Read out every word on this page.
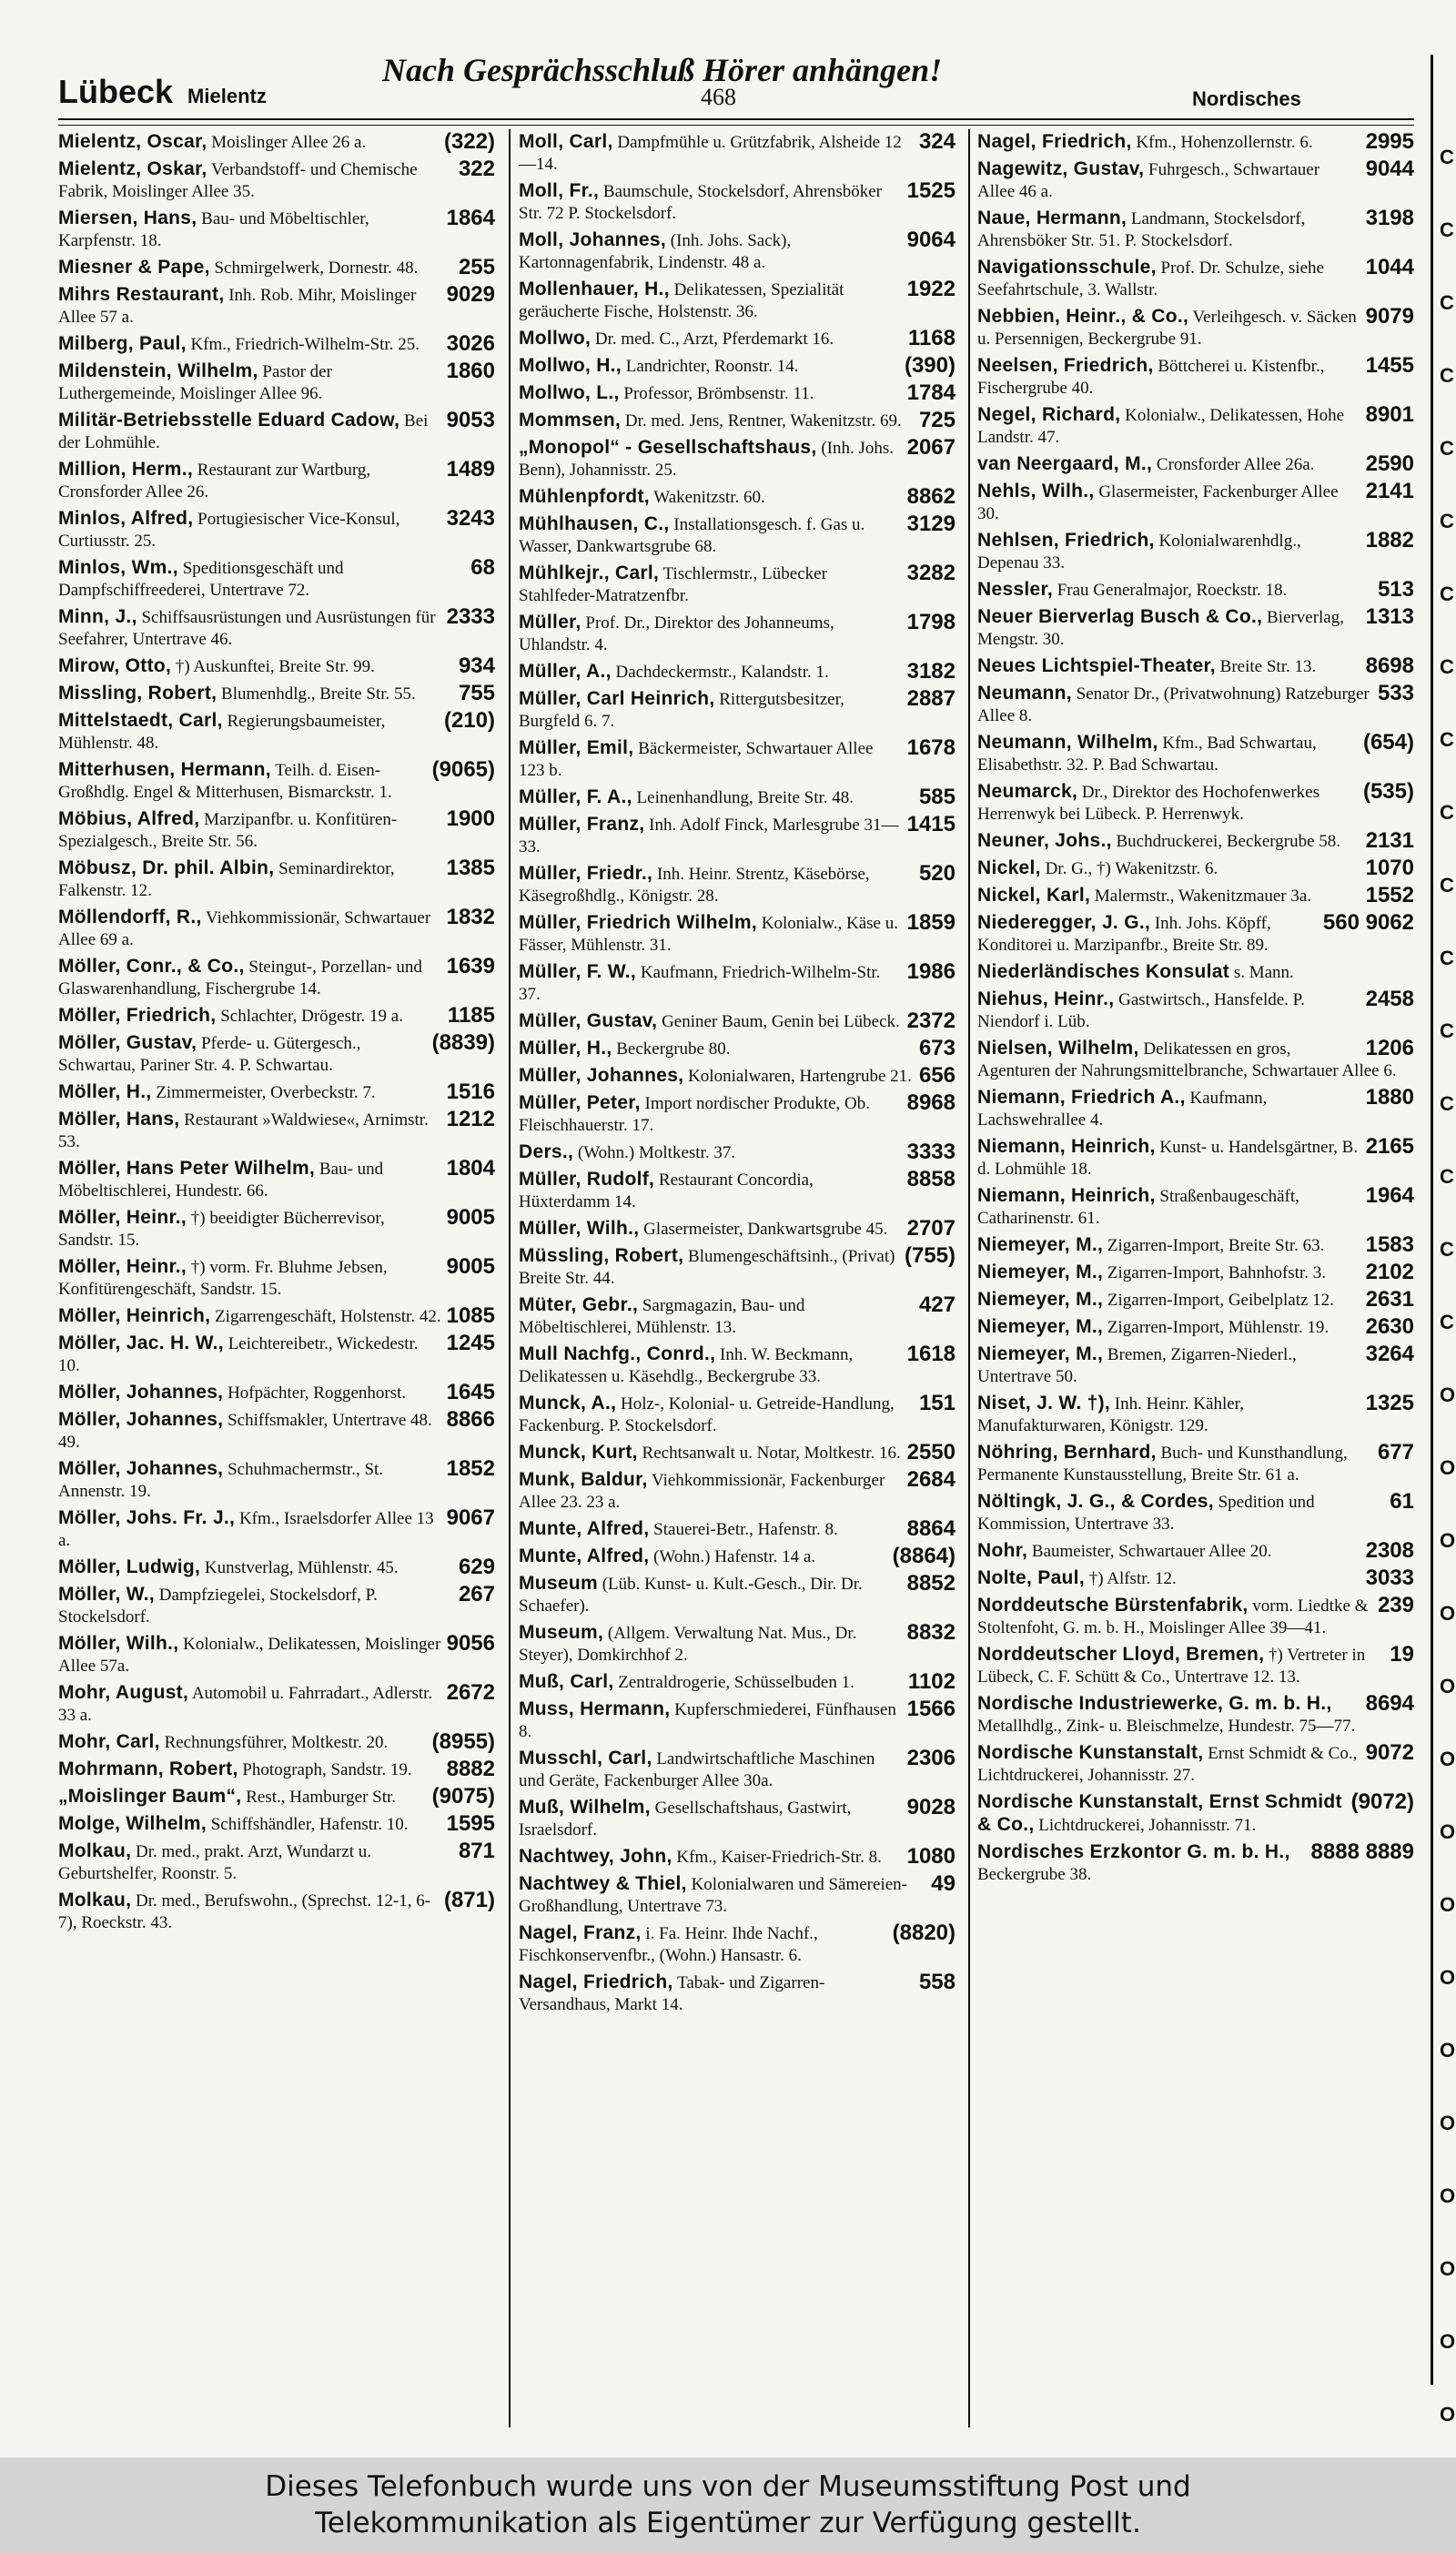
Lübeck Mielentz
Nach Gesprächsschluß Hörer anhängen!
468	Nordisches
(322)
Mielentz, Oscar, Moislinger Allee 26 a.
322
Mielentz, Oskar, Verbandstoff- und Chemische Fabrik, Moislinger Allee 35.
1864
Miersen, Hans, Bau- und Möbeltischler, Karpfenstr. 18.
255
Miesner & Pape, Schmirgelwerk, Dornestr. 48.
9029
Mihrs Restaurant, Inh. Rob. Mihr, Moislinger Allee 57 a.
3026
Milberg, Paul, Kfm., Friedrich-Wilhelm-Str. 25.
1860
Mildenstein, Wilhelm, Pastor der Luthergemeinde, Moislinger Allee 96.
9053
Militär-Betriebsstelle Eduard Cadow, Bei der Lohmühle.
1489
Million, Herm., Restaurant zur Wartburg, Cronsforder Allee 26.
3243
Minlos, Alfred, Portugiesischer Vice-Konsul, Curtiusstr. 25.
68
Minlos, Wm., Speditionsgeschäft und Dampfschiffreederei, Untertrave 72.
2333
Minn, J., Schiffsausrüstungen und Ausrüstungen für Seefahrer, Untertrave 46.
934
Mirow, Otto, †) Auskunftei, Breite Str. 99.
755
Missling, Robert, Blumenhdlg., Breite Str. 55.
(210)
Mittelstaedt, Carl, Regierungsbaumeister, Mühlenstr. 48.
(9065)
Mitterhusen, Hermann, Teilh. d. Eisen-Großhdlg. Engel & Mitterhusen, Bismarckstr. 1.
1900
Möbius, Alfred, Marzipanfbr. u. Konfitüren-Spezialgesch., Breite Str. 56.
1385
Möbusz, Dr. phil. Albin, Seminardirektor, Falkenstr. 12.
1832
Möllendorff, R., Viehkommissionär, Schwartauer Allee 69 a.
1639
Möller, Conr., & Co., Steingut-, Porzellan- und Glaswarenhandlung, Fischergrube 14.
1185
Möller, Friedrich, Schlachter, Drögestr. 19 a.
(8839)
Möller, Gustav, Pferde- u. Gütergesch., Schwartau, Pariner Str. 4. P. Schwartau.
1516
Möller, H., Zimmermeister, Overbeckstr. 7.
1212
Möller, Hans, Restaurant »Waldwiese«, Arnimstr. 53.
1804
Möller, Hans Peter Wilhelm, Bau- und Möbeltischlerei, Hundestr. 66.
9005
Möller, Heinr., †) beeidigter Bücherrevisor, Sandstr. 15.
9005
Möller, Heinr., †) vorm. Fr. Bluhme Jebsen, Konfitürengeschäft, Sandstr. 15.
1085
Möller, Heinrich, Zigarrengeschäft, Holstenstr. 42.
1245
Möller, Jac. H. W., Leichtereibetr., Wickedestr. 10.
1645
Möller, Johannes, Hofpächter, Roggenhorst.
8866
Möller, Johannes, Schiffsmakler, Untertrave 48. 49.
1852
Möller, Johannes, Schuhmachermstr., St. Annenstr. 19.
9067
Möller, Johs. Fr. J., Kfm., Israelsdorfer Allee 13 a.
629
Möller, Ludwig, Kunstverlag, Mühlenstr. 45.
267
Möller, W., Dampfziegelei, Stockelsdorf, P. Stockelsdorf.
9056
Möller, Wilh., Kolonialw., Delikatessen, Moislinger Allee 57a.
2672
Mohr, August, Automobil u. Fahrradart., Adlerstr. 33 a.
(8955)
Mohr, Carl, Rechnungsführer, Moltkestr. 20.
8882
Mohrmann, Robert, Photograph, Sandstr. 19.
(9075)
„Moislinger Baum“, Rest., Hamburger Str.
1595
Molge, Wilhelm, Schiffshändler, Hafenstr. 10.
871
Molkau, Dr. med., prakt. Arzt, Wundarzt u. Geburtshelfer, Roonstr. 5.
(871)
Molkau, Dr. med., Berufswohn., (Sprechst. 12-1, 6-7), Roeckstr. 43.
324
Moll, Carl, Dampfmühle u. Grützfabrik, Alsheide 12—14.
1525
Moll, Fr., Baumschule, Stockelsdorf, Ahrensböker Str. 72 P. Stockelsdorf.
9064
Moll, Johannes, (Inh. Johs. Sack), Kartonnagenfabrik, Lindenstr. 48 a.
1922
Mollenhauer, H., Delikatessen, Spezialität geräucherte Fische, Holstenstr. 36.
1168
Mollwo, Dr. med. C., Arzt, Pferdemarkt 16.
(390)
Mollwo, H., Landrichter, Roonstr. 14.
1784
Mollwo, L., Professor, Brömbsenstr. 11.
725
Mommsen, Dr. med. Jens, Rentner, Wakenitzstr. 69.
2067
„Monopol“ - Gesellschaftshaus, (Inh. Johs. Benn), Johannisstr. 25.
8862
Mühlenpfordt, Wakenitzstr. 60.
3129
Mühlhausen, C., Installationsgesch. f. Gas u. Wasser, Dankwartsgrube 68.
3282
Mühlkejr., Carl, Tischlermstr., Lübecker Stahlfeder-Matratzenfbr.
1798
Müller, Prof. Dr., Direktor des Johanneums, Uhlandstr. 4.
3182
Müller, A., Dachdeckermstr., Kalandstr. 1.
2887
Müller, Carl Heinrich, Rittergutsbesitzer, Burgfeld 6. 7.
1678
Müller, Emil, Bäckermeister, Schwartauer Allee 123 b.
585
Müller, F. A., Leinenhandlung, Breite Str. 48.
1415
Müller, Franz, Inh. Adolf Finck, Marlesgrube 31—33.
520
Müller, Friedr., Inh. Heinr. Strentz, Käsebörse, Käsegroßhdlg., Königstr. 28.
1859
Müller, Friedrich Wilhelm, Kolonialw., Käse u. Fässer, Mühlenstr. 31.
1986
Müller, F. W., Kaufmann, Friedrich-Wilhelm-Str. 37.
2372
Müller, Gustav, Geniner Baum, Genin bei Lübeck.
673
Müller, H., Beckergrube 80.
656
Müller, Johannes, Kolonialwaren, Hartengrube 21.
8968
Müller, Peter, Import nordischer Produkte, Ob. Fleischhauerstr. 17.
3333
Ders., (Wohn.) Moltkestr. 37.
8858
Müller, Rudolf, Restaurant Concordia, Hüxterdamm 14.
2707
Müller, Wilh., Glasermeister, Dankwartsgrube 45.
(755)
Müssling, Robert, Blumengeschäftsinh., (Privat) Breite Str. 44.
427
Müter, Gebr., Sargmagazin, Bau- und Möbeltischlerei, Mühlenstr. 13.
1618
Mull Nachfg., Conrd., Inh. W. Beckmann, Delikatessen u. Käsehdlg., Beckergrube 33.
151
Munck, A., Holz-, Kolonial- u. Getreide-Handlung, Fackenburg. P. Stockelsdorf.
2550
Munck, Kurt, Rechtsanwalt u. Notar, Moltkestr. 16.
2684
Munk, Baldur, Viehkommissionär, Fackenburger Allee 23. 23 a.
8864
Munte, Alfred, Stauerei-Betr., Hafenstr. 8.
(8864)
Munte, Alfred, (Wohn.) Hafenstr. 14 a.
8852
Museum (Lüb. Kunst- u. Kult.-Gesch., Dir. Dr. Schaefer).
8832
Museum, (Allgem. Verwaltung Nat. Mus., Dr. Steyer), Domkirchhof 2.
1102
Muß, Carl, Zentraldrogerie, Schüsselbuden 1.
1566
Muss, Hermann, Kupferschmiederei, Fünfhausen 8.
2306
Musschl, Carl, Landwirtschaftliche Maschinen und Geräte, Fackenburger Allee 30a.
9028
Muß, Wilhelm, Gesellschaftshaus, Gastwirt, Israelsdorf.
1080
Nachtwey, John, Kfm., Kaiser-Friedrich-Str. 8.
49
Nachtwey & Thiel, Kolonialwaren und Sämereien-Großhandlung, Untertrave 73.
(8820)
Nagel, Franz, i. Fa. Heinr. Ihde Nachf., Fischkonservenfbr., (Wohn.) Hansastr. 6.
558
Nagel, Friedrich, Tabak- und Zigarren-Versandhaus, Markt 14.
2995
Nagel, Friedrich, Kfm., Hohenzollernstr. 6.
9044
Nagewitz, Gustav, Fuhrgesch., Schwartauer Allee 46 a.
3198
Naue, Hermann, Landmann, Stockelsdorf, Ahrensböker Str. 51. P. Stockelsdorf.
1044
Navigationsschule, Prof. Dr. Schulze, siehe Seefahrtschule, 3. Wallstr.
9079
Nebbien, Heinr., & Co., Verleihgesch. v. Säcken u. Persennigen, Beckergrube 91.
1455
Neelsen, Friedrich, Böttcherei u. Kistenfbr., Fischergrube 40.
8901
Negel, Richard, Kolonialw., Delikatessen, Hohe Landstr. 47.
2590
van Neergaard, M., Cronsforder Allee 26a.
2141
Nehls, Wilh., Glasermeister, Fackenburger Allee 30.
1882
Nehlsen, Friedrich, Kolonialwarenhdlg., Depenau 33.
513
Nessler, Frau Generalmajor, Roeckstr. 18.
1313
Neuer Bierverlag Busch & Co., Bierverlag, Mengstr. 30.
8698
Neues Lichtspiel-Theater, Breite Str. 13.
533
Neumann, Senator Dr., (Privatwohnung) Ratzeburger Allee 8.
(654)
Neumann, Wilhelm, Kfm., Bad Schwartau, Elisabethstr. 32. P. Bad Schwartau.
(535)
Neumarck, Dr., Direktor des Hochofenwerkes Herrenwyk bei Lübeck. P. Herrenwyk.
2131
Neuner, Johs., Buchdruckerei, Beckergrube 58.
1070
Nickel, Dr. G., †) Wakenitzstr. 6.
1552
Nickel, Karl, Malermstr., Wakenitzmauer 3a.
560 9062
Niederegger, J. G., Inh. Johs. Köpff, Konditorei u. Marzipanfbr., Breite Str. 89.
Niederländisches Konsulat s. Mann.
2458
Niehus, Heinr., Gastwirtsch., Hansfelde. P. Niendorf i. Lüb.
1206
Nielsen, Wilhelm, Delikatessen en gros, Agenturen der Nahrungsmittelbranche, Schwartauer Allee 6.
1880
Niemann, Friedrich A., Kaufmann, Lachswehrallee 4.
2165
Niemann, Heinrich, Kunst- u. Handelsgärtner, B. d. Lohmühle 18.
1964
Niemann, Heinrich, Straßenbaugeschäft, Catharinenstr. 61.
1583
Niemeyer, M., Zigarren-Import, Breite Str. 63.
2102
Niemeyer, M., Zigarren-Import, Bahnhofstr. 3.
2631
Niemeyer, M., Zigarren-Import, Geibelplatz 12.
2630
Niemeyer, M., Zigarren-Import, Mühlenstr. 19.
3264
Niemeyer, M., Bremen, Zigarren-Niederl., Untertrave 50.
1325
Niset, J. W. †), Inh. Heinr. Kähler, Manufakturwaren, Königstr. 129.
677
Nöhring, Bernhard, Buch- und Kunsthandlung, Permanente Kunstausstellung, Breite Str. 61 a.
61
Nöltingk, J. G., & Cordes, Spedition und Kommission, Untertrave 33.
2308
Nohr, Baumeister, Schwartauer Allee 20.
3033
Nolte, Paul, †) Alfstr. 12.
239
Norddeutsche Bürstenfabrik, vorm. Liedtke & Stoltenfoht, G. m. b. H., Moislinger Allee 39—41.
19
Norddeutscher Lloyd, Bremen, †) Vertreter in Lübeck, C. F. Schütt & Co., Untertrave 12. 13.
8694
Nordische Industriewerke, G. m. b. H., Metallhdlg., Zink- u. Bleischmelze, Hundestr. 75—77.
9072
Nordische Kunstanstalt, Ernst Schmidt & Co., Lichtdruckerei, Johannisstr. 27.
(9072)
Nordische Kunstanstalt, Ernst Schmidt & Co., Lichtdruckerei, Johannisstr. 71.
8888 8889
Nordisches Erzkontor G. m. b. H., Beckergrube 38.
C
C
C
C
C
C
C
C
C
C
C
C
C
C
C
C
C
O
O
O
O
O
O
O
O
O
O
O
O
O
O
O
Dieses Telefonbuch wurde uns von der Museumsstiftung Post und
Telekommunikation als Eigentümer zur Verfügung gestellt.
